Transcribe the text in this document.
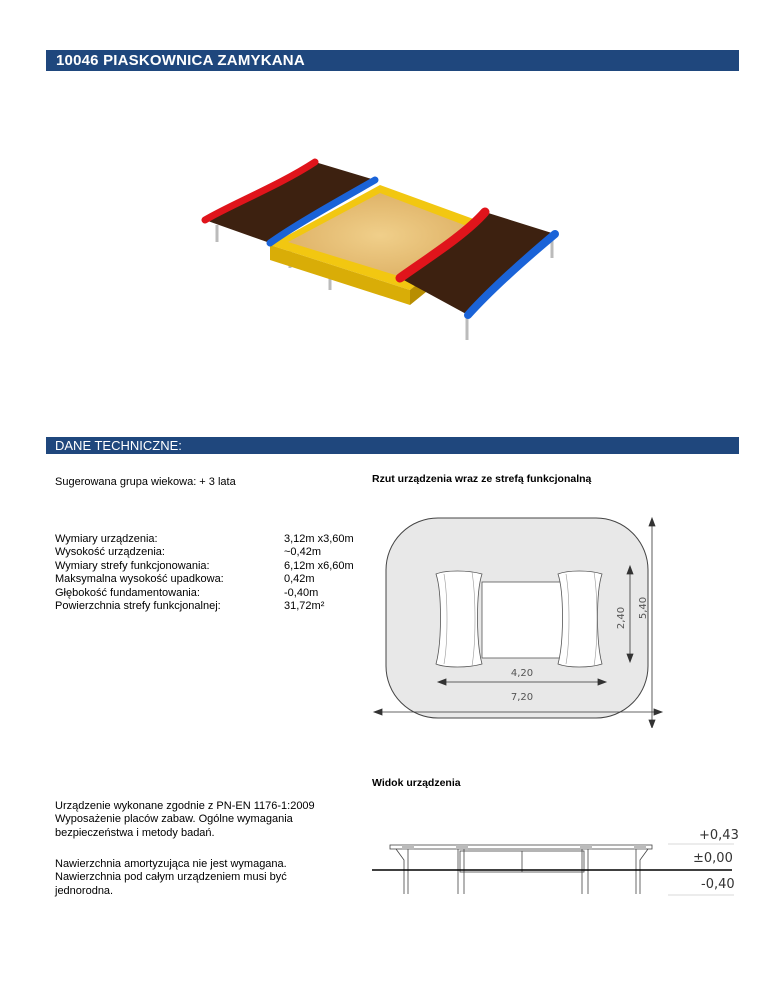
10046 PIASKOWNICA ZAMYKANA
DANE TECHNICZNE:
Sugerowana grupa wiekowa: + 3 lata
Wymiary urządzenia:
Wysokość urządzenia:
Wymiary strefy funkcjonowania:
Maksymalna wysokość upadkowa:
Głębokość fundamentowania:
Powierzchnia strefy funkcjonalnej:
3,12m x3,60m
~0,42m
6,12m x6,60m
0,42m
-0,40m
31,72m²
Rzut urządzenia wraz ze strefą funkcjonalną
4,20
7,20
2,40 5,40
Widok urządzenia
+0,43
±0,00
-0,40
Urządzenie wykonane zgodnie z PN-EN 1176-1:2009 Wyposażenie placów zabaw. Ogólne wymagania bezpieczeństwa i metody badań.
Nawierzchnia amortyzująca nie jest wymagana. Nawierzchnia pod całym urządzeniem musi być jednorodna.
